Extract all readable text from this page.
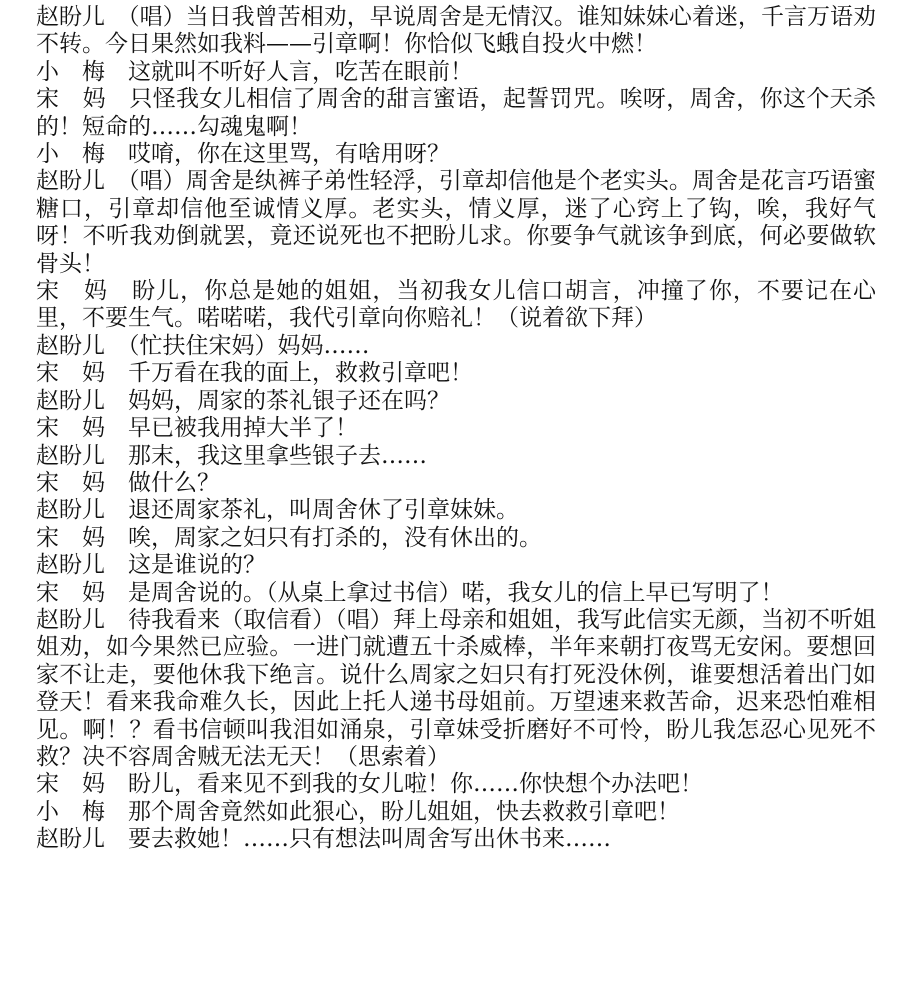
赵盼儿　 （唱）当日我曾苦相劝，早说周舍是无情汉。谁知妹妹心着迷，千言万语劝不转。今日果然如我料——引章啊！你恰似飞蛾自投火中燃！

小　梅　 这就叫不听好人言，吃苦在眼前！

宋　妈　 只怪我女儿相信了周舍的甜言蜜语，起誓罚咒。唉呀，周舍，你这个天杀的！短命的……勾魂鬼啊！

小　梅　 哎唷，你在这里骂，有啥用呀？

赵盼儿　 （唱）周舍是纨裤子弟性轻浮，引章却信他是个老实头。周舍是花言巧语蜜糖口，引章却信他至诚情义厚。老实头，情义厚，迷了心窍上了钩，唉，我好气呀！不听我劝倒就罢，竟还说死也不把盼儿求。你要争气就该争到底，何必要做软骨头！

宋　妈　 盼儿，你总是她的姐姐，当初我女儿信口胡言，冲撞了你，不要记在心里，不要生气。喏喏喏，我代引章向你赔礼！（说着欲下拜）

赵盼儿　 （忙扶住宋妈）妈妈……

宋　妈　 千万看在我的面上，救救引章吧！

赵盼儿　 妈妈，周家的茶礼银子还在吗？

宋　妈　 早已被我用掉大半了！

赵盼儿　 那末，我这里拿些银子去……

宋　妈　 做什么？

赵盼儿　 退还周家茶礼，叫周舍休了引章妹妹。

宋　妈　 唉，周家之妇只有打杀的，没有休出的。

赵盼儿　 这是谁说的？

宋　妈　 是周舍说的。（从桌上拿过书信）喏，我女儿的信上早已写明了！

赵盼儿　 待我看来（取信看）（唱）拜上母亲和姐姐，我写此信实无颜，当初不听姐姐劝，如今果然已应验。一进门就遭五十杀威棒，半年来朝打夜骂无安闲。要想回家不让走，要他休我下绝言。说什么周家之妇只有打死没休例，谁要想活着出门如登天！看来我命难久长，因此上托人递书母姐前。万望速来救苦命，迟来恐怕难相见。啊！？看书信顿叫我泪如涌泉，引章妹受折磨好不可怜，盼儿我怎忍心见死不救？决不容周舍贼无法无天！（思索着）

宋　妈　 盼儿，看来见不到我的女儿啦！你……你快想个办法吧！

小　梅　 那个周舍竟然如此狠心，盼儿姐姐，快去救救引章吧！

赵盼儿　 要去救她！……只有想法叫周舍写出休书来……
